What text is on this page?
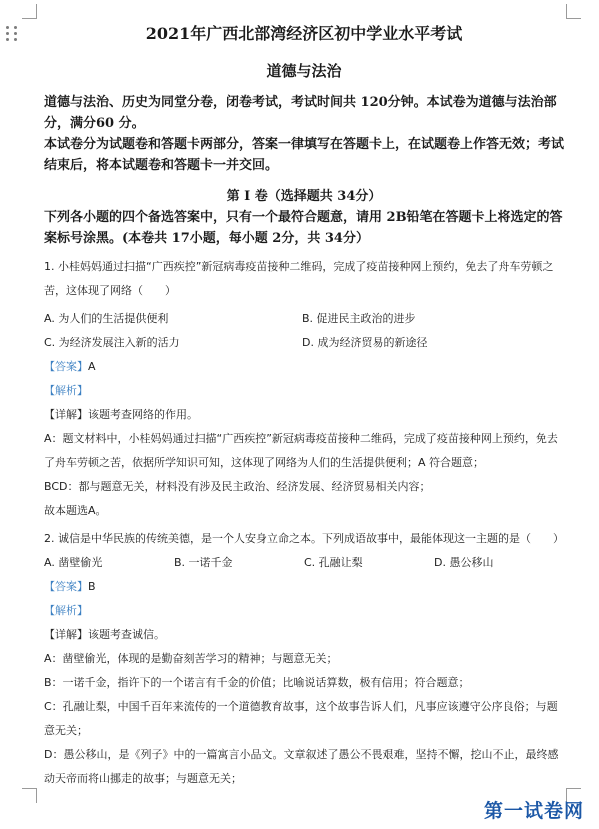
2021年广西北部湾经济区初中学业水平考试
道德与法治
道德与法治、历史为同堂分卷，闭卷考试，考试时间共 120分钟。本试卷为道德与法治部分，满分60 分。
本试卷分为试题卷和答题卡两部分，答案一律填写在答题卡上，在试题卷上作答无效；考试结束后，将本试题卷和答题卡一并交回。
第 I 卷（选择题共 34分）
下列各小题的四个备选答案中，只有一个最符合题意，请用 2B铅笔在答题卡上将选定的答案标号涂黑。(本卷共 17小题，每小题 2分，共 34分）

1. 小桂妈妈通过扫描“广西疾控”新冠病毒疫苗接种二维码，完成了疫苗接种网上预约，免去了舟车劳顿之苦，这体现了网络（　　）

A. 为人们的生活提供便利	B. 促进民主政治的进步
C. 为经济发展注入新的活力	D. 成为经济贸易的新途径

【答案】A

【解析】

【详解】该题考查网络的作用。

A：题文材料中，小桂妈妈通过扫描“广西疾控”新冠病毒疫苗接种二维码，完成了疫苗接种网上预约，免去了舟车劳顿之苦，依据所学知识可知，这体现了网络为人们的生活提供便利；A 符合题意；

BCD：都与题意无关，材料没有涉及民主政治、经济发展、经济贸易相关内容；

故本题选A。

2. 诚信是中华民族的传统美德，是一个人安身立命之本。下列成语故事中，最能体现这一主题的是（　　）

A. 凿壁偷光	B. 一诺千金	C. 孔融让梨	D. 愚公移山

【答案】B

【解析】

【详解】该题考查诚信。

A：凿壁偷光，体现的是勤奋刻苦学习的精神；与题意无关；

B：一诺千金，指许下的一个诺言有千金的价值；比喻说话算数，极有信用；符合题意；

C：孔融让梨，中国千百年来流传的一个道德教育故事，这个故事告诉人们，凡事应该遵守公序良俗；与题意无关；

D：愚公移山，是《列子》中的一篇寓言小品文。文章叙述了愚公不畏艰难，坚持不懈，挖山不止，最终感动天帝而将山挪走的故事；与题意无关；

第一试卷网
